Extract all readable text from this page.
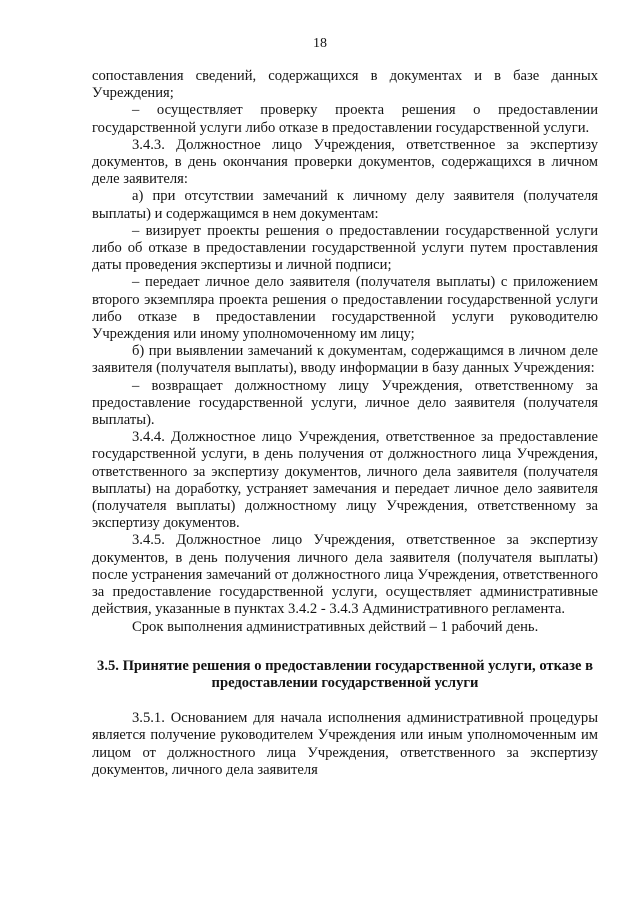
18

сопоставления сведений, содержащихся в документах и в базе данных Учреждения;

– осуществляет проверку проекта решения о предоставлении государственной услуги либо отказе в предоставлении государственной услуги.

3.4.3. Должностное лицо Учреждения, ответственное за экспертизу документов, в день окончания проверки документов, содержащихся в личном деле заявителя:

а) при отсутствии замечаний к личному делу заявителя (получателя выплаты) и содержащимся в нем документам:

– визирует проекты решения о предоставлении государственной услуги либо об отказе в предоставлении государственной услуги путем проставления даты проведения экспертизы и личной подписи;

– передает личное дело заявителя (получателя выплаты) с приложением второго экземпляра проекта решения о предоставлении государственной услуги либо отказе в предоставлении государственной услуги руководителю Учреждения или иному уполномоченному им лицу;

б) при выявлении замечаний к документам, содержащимся в личном деле заявителя (получателя выплаты), вводу информации в базу данных Учреждения:

– возвращает должностному лицу Учреждения, ответственному за предоставление государственной услуги, личное дело заявителя (получателя выплаты).

3.4.4. Должностное лицо Учреждения, ответственное за предоставление государственной услуги, в день получения от должностного лица Учреждения, ответственного за экспертизу документов, личного дела заявителя (получателя выплаты) на доработку, устраняет замечания и передает личное дело заявителя (получателя выплаты) должностному лицу Учреждения, ответственному за экспертизу документов.

3.4.5. Должностное лицо Учреждения, ответственное за экспертизу документов, в день получения личного дела заявителя (получателя выплаты) после устранения замечаний от должностного лица Учреждения, ответственного за предоставление государственной услуги, осуществляет административные действия, указанные в пунктах 3.4.2 - 3.4.3 Административного регламента.

Срок выполнения административных действий – 1 рабочий день.

3.5. Принятие решения о предоставлении государственной услуги, отказе в предоставлении государственной услуги

3.5.1. Основанием для начала исполнения административной процедуры является получение руководителем Учреждения или иным уполномоченным им лицом от должностного лица Учреждения, ответственного за экспертизу документов, личного дела заявителя
